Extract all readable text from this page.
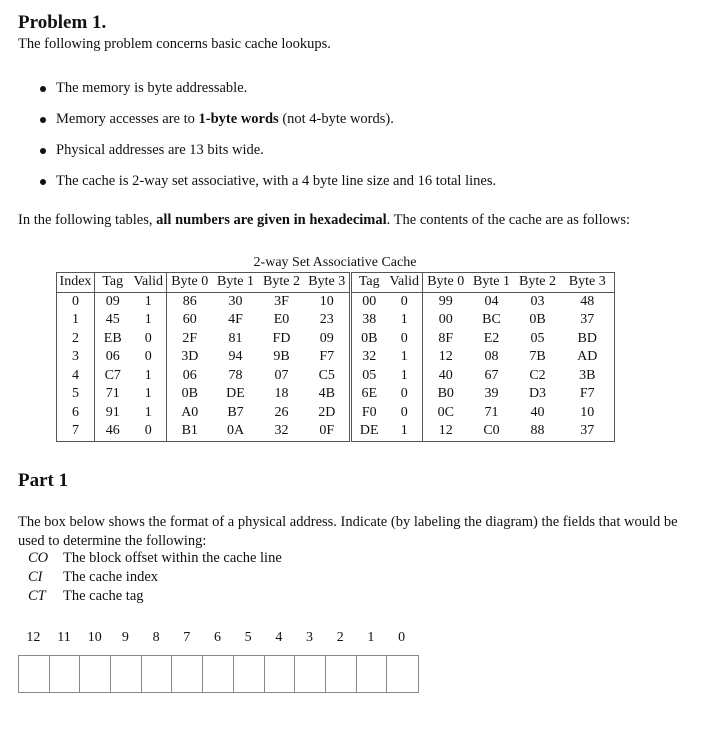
Problem 1.
The following problem concerns basic cache lookups.
The memory is byte addressable.
Memory accesses are to 1-byte words (not 4-byte words).
Physical addresses are 13 bits wide.
The cache is 2-way set associative, with a 4 byte line size and 16 total lines.
In the following tables, all numbers are given in hexadecimal. The contents of the cache are as follows:
2-way Set Associative Cache
Index	Tag	Valid	Byte 0	Byte 1	Byte 2	Byte 3	Tag	Valid	Byte 0	Byte 1	Byte 2	Byte 3
0	09	1	86	30	3F	10	00	0	99	04	03	48
1	45	1	60	4F	E0	23	38	1	00	BC	0B	37
2	EB	0	2F	81	FD	09	0B	0	8F	E2	05	BD
3	06	0	3D	94	9B	F7	32	1	12	08	7B	AD
4	C7	1	06	78	07	C5	05	1	40	67	C2	3B
5	71	1	0B	DE	18	4B	6E	0	B0	39	D3	F7
6	91	1	A0	B7	26	2D	F0	0	0C	71	40	10
7	46	0	B1	0A	32	0F	DE	1	12	C0	88	37
Part 1
The box below shows the format of a physical address. Indicate (by labeling the diagram) the fields that would be used to determine the following:
CO	The block offset within the cache line
CI	The cache index
CT	The cache tag
12	11	10	9	8	7	6	5	4	3	2	1	0
